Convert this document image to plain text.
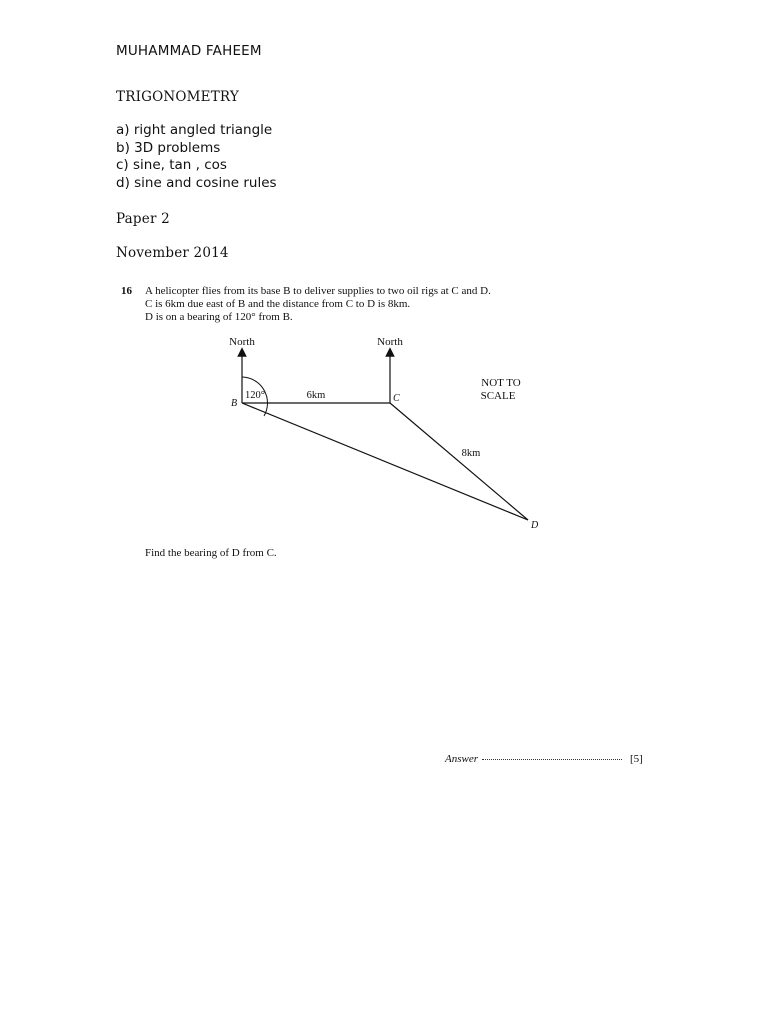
MUHAMMAD FAHEEM
TRIGONOMETRY
a) right angled triangle
b) 3D problems
c) sine, tan , cos
d) sine and cosine rules
Paper 2
November 2014
16 A helicopter flies from its base B to deliver supplies to two oil rigs at C and D.
C is 6km due east of B and the distance from C to D is 8km.
D is on a bearing of 120° from B.
North	North
120°	6km
8km
B	C
D
NOT TO
SCALE
Find the bearing of D from C.
Answer	[5]
